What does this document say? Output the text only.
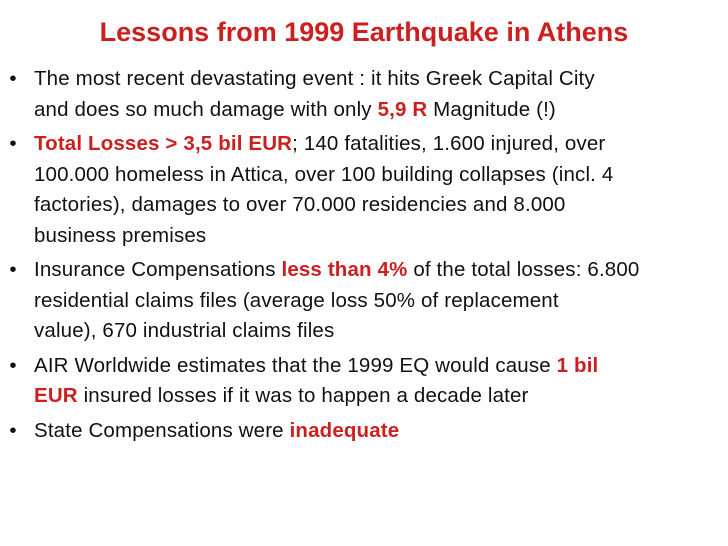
Lessons from 1999 Earthquake in Athens
• The most recent devastating event : it hits Greek Capital City
and does so much damage with only 5,9 R Magnitude (!)
• Total Losses > 3,5 bil EUR; 140 fatalities, 1.600 injured, over
100.000 homeless in Attica, over 100 building collapses (incl. 4
factories), damages to over 70.000 residencies and 8.000
business premises
• Insurance Compensations less than 4% of the total losses: 6.800
residential claims files (average loss 50% of replacement
value), 670 industrial claims files
• AIR Worldwide estimates that the 1999 EQ would cause 1 bil
EUR insured losses if it was to happen a decade later
• State Compensations were inadequate
